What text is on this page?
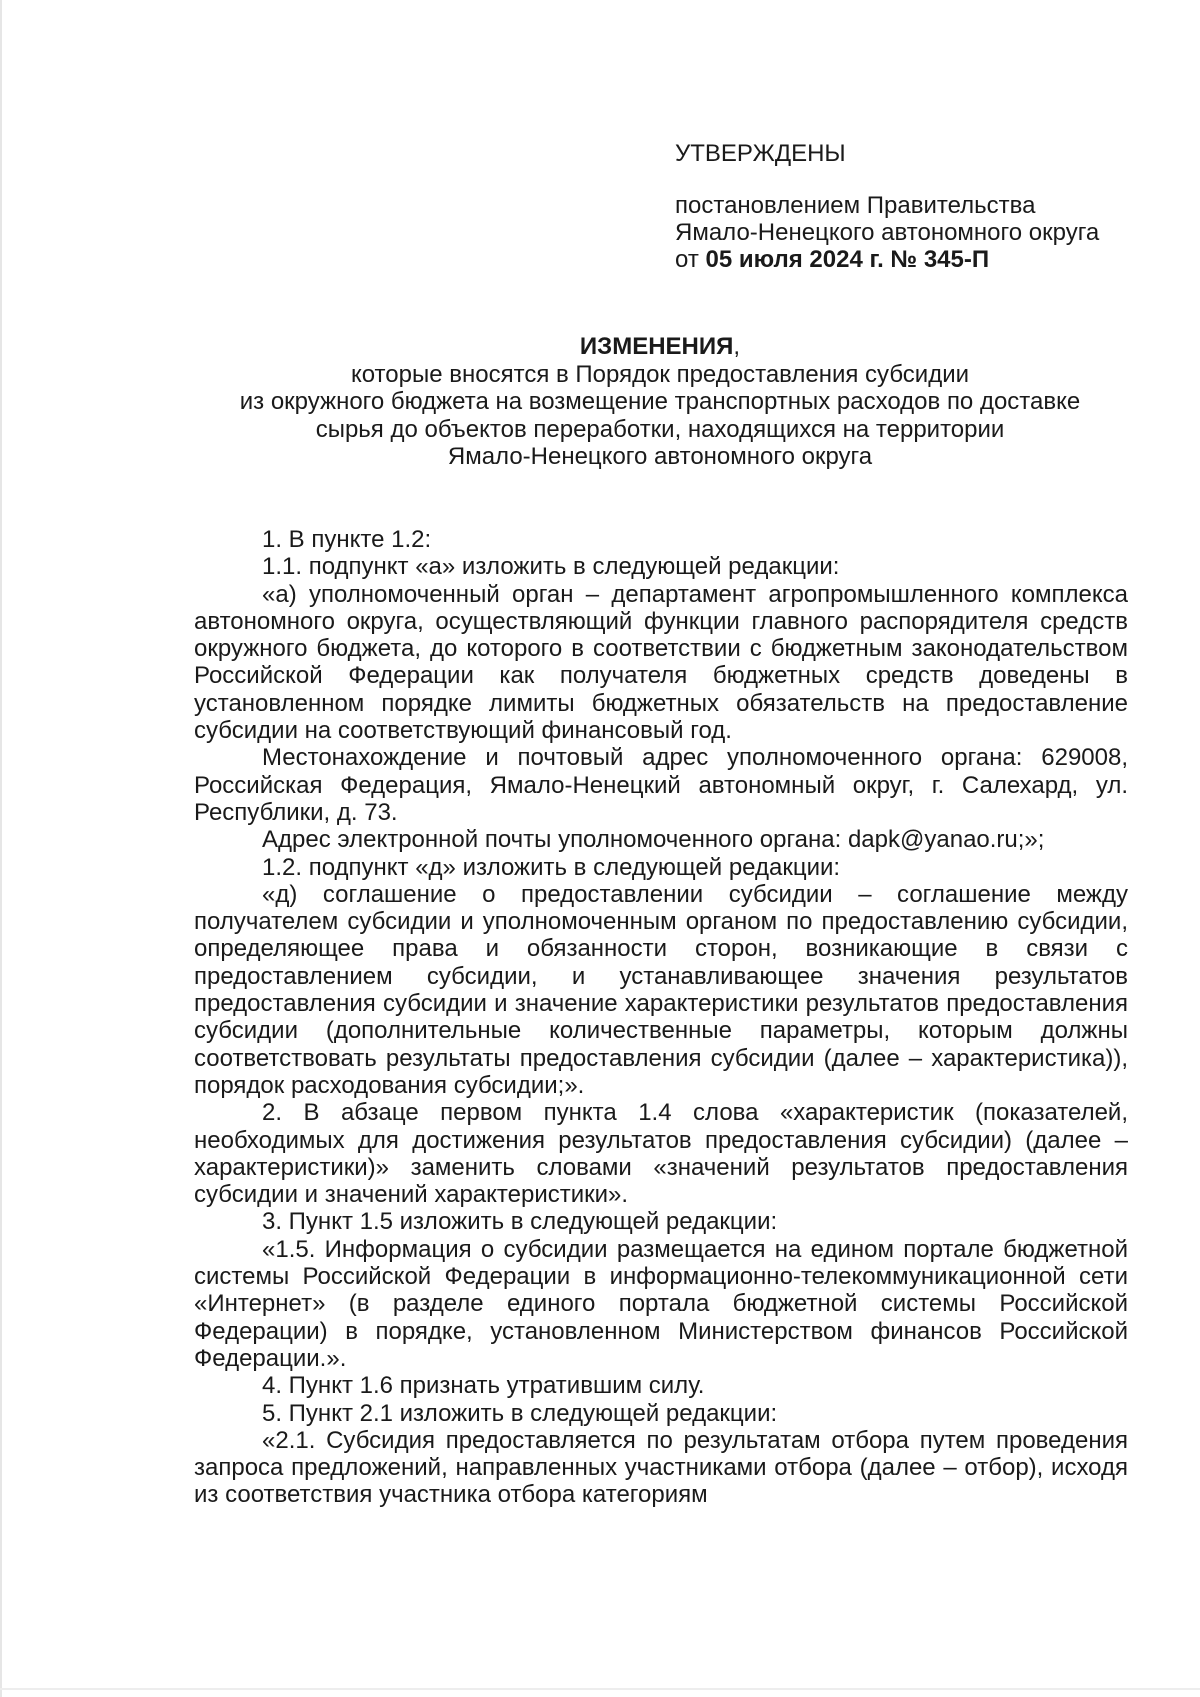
УТВЕРЖДЕНЫ
постановлением Правительства
Ямало-Ненецкого автономного округа
от 05 июля 2024 г. № 345-П
ИЗМЕНЕНИЯ,
которые вносятся в Порядок предоставления субсидии
из окружного бюджета на возмещение транспортных расходов по доставке
сырья до объектов переработки, находящихся на территории
Ямало-Ненецкого автономного округа

1. В пункте 1.2:

1.1. подпункт «а» изложить в следующей редакции:

«а) уполномоченный орган – департамент агропромышленного комплекса автономного округа, осуществляющий функции главного распорядителя средств окружного бюджета, до которого в соответствии с бюджетным законодательством Российской Федерации как получателя бюджетных средств доведены в установленном порядке лимиты бюджетных обязательств на предоставление субсидии на соответствующий финансовый год.

Местонахождение и почтовый адрес уполномоченного органа: 629008, Российская Федерация, Ямало-Ненецкий автономный округ, г. Салехард, ул. Республики, д. 73.

Адрес электронной почты уполномоченного органа: dapk@yanao.ru;»;

1.2. подпункт «д» изложить в следующей редакции:

«д) соглашение о предоставлении субсидии – соглашение между получателем субсидии и уполномоченным органом по предоставлению субсидии, определяющее права и обязанности сторон, возникающие в связи с предоставлением субсидии, и устанавливающее значения результатов предоставления субсидии и значение характеристики результатов предоставления субсидии (дополнительные количественные параметры, которым должны соответствовать результаты предоставления субсидии (далее – характеристика)), порядок расходования субсидии;».

2. В абзаце первом пункта 1.4 слова «характеристик (показателей, необходимых для достижения результатов предоставления субсидии) (далее – характеристики)» заменить словами «значений результатов предоставления субсидии и значений характеристики».

3. Пункт 1.5 изложить в следующей редакции:

«1.5. Информация о субсидии размещается на едином портале бюджетной системы Российской Федерации в информационно-телекоммуникационной сети «Интернет» (в разделе единого портала бюджетной системы Российской Федерации) в порядке, установленном Министерством финансов Российской Федерации.».

4. Пункт 1.6 признать утратившим силу.

5. Пункт 2.1 изложить в следующей редакции:

«2.1. Субсидия предоставляется по результатам отбора путем проведения запроса предложений, направленных участниками отбора (далее – отбор), исходя из соответствия участника отбора категориям
